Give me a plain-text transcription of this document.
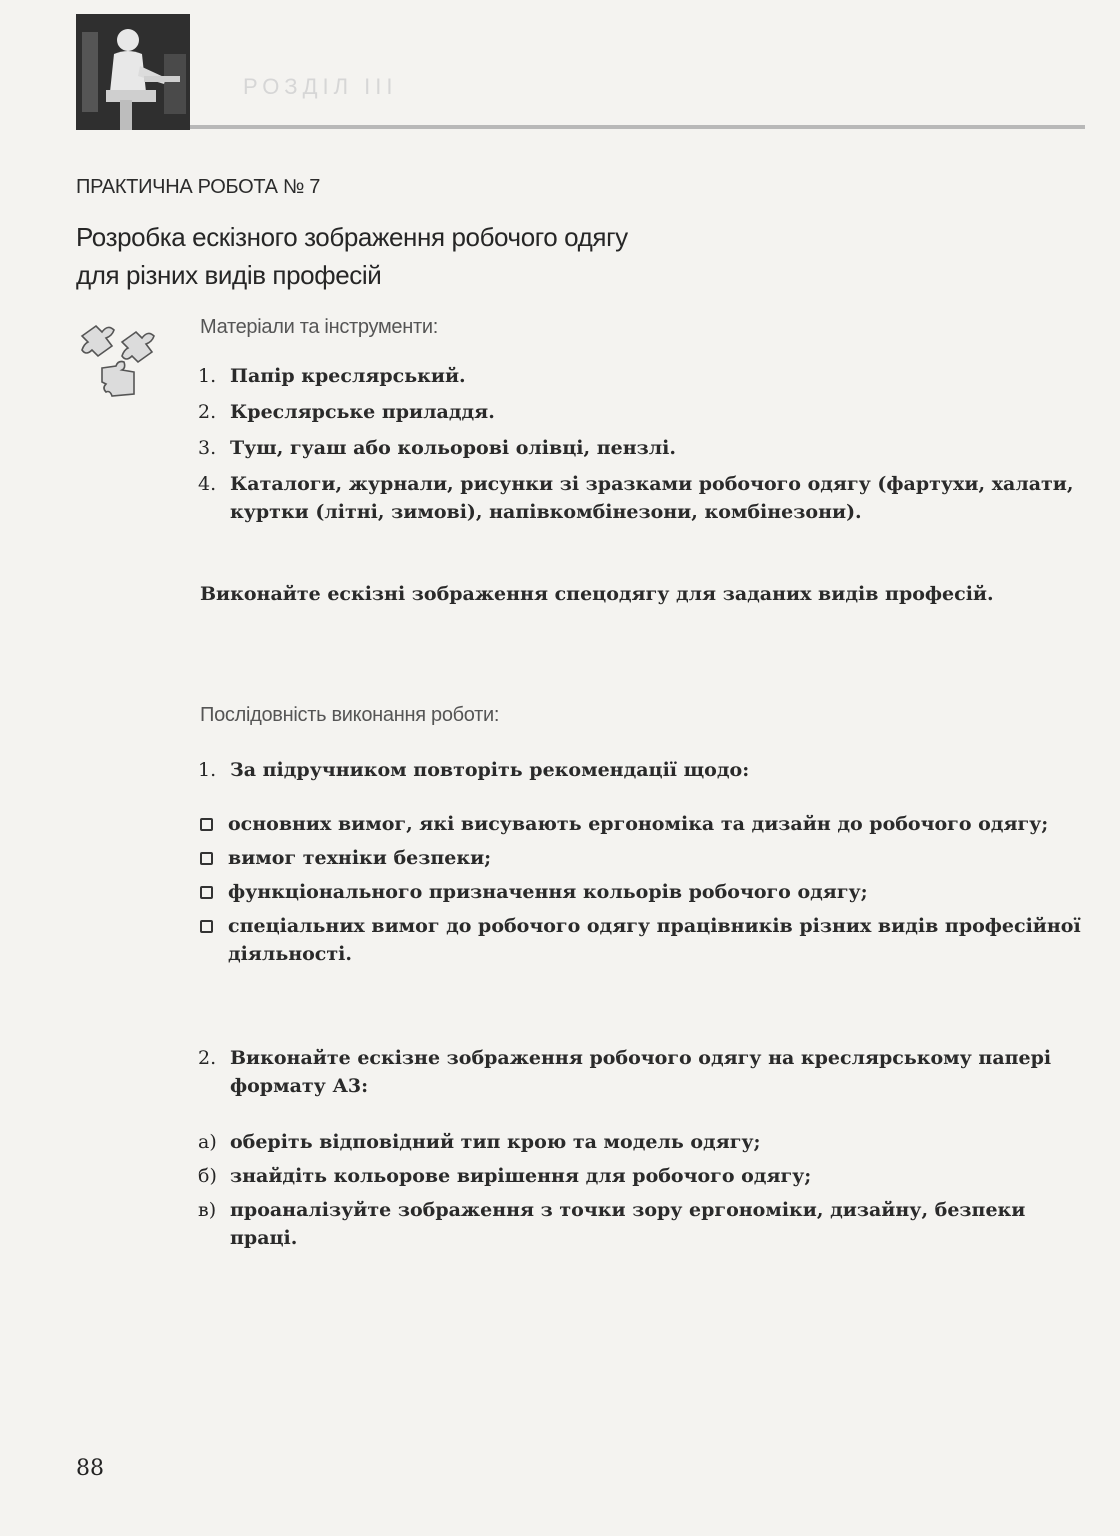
РОЗДІЛ ІІІ
ПРАКТИЧНА РОБОТА № 7
Розробка ескізного зображення робочого одягу
для різних видів професій
Матеріали та інструменти:
1. Папір креслярський.
2. Креслярське приладдя.
3. Туш, гуаш або кольорові олівці, пензлі.
4. Каталоги, журнали, рисунки зі зразками робочого одягу (фартухи, халати, куртки (літні, зимові), напівкомбінезони, комбінезони).
Виконайте ескізні зображення спецодягу для заданих видів професій.
Послідовність виконання роботи:
1. За підручником повторіть рекомендації щодо:
основних вимог, які висувають ергономіка та дизайн до робочого одягу;
вимог техніки безпеки;
функціонального призначення кольорів робочого одягу;
спеціальних вимог до робочого одягу працівників різних видів професійної діяльності.
2. Виконайте ескізне зображення робочого одягу на креслярському папері формату А3:
а) оберіть відповідний тип крою та модель одягу;
б) знайдіть кольорове вирішення для робочого одягу;
в) проаналізуйте зображення з точки зору ергономіки, дизайну, безпеки праці.
88
